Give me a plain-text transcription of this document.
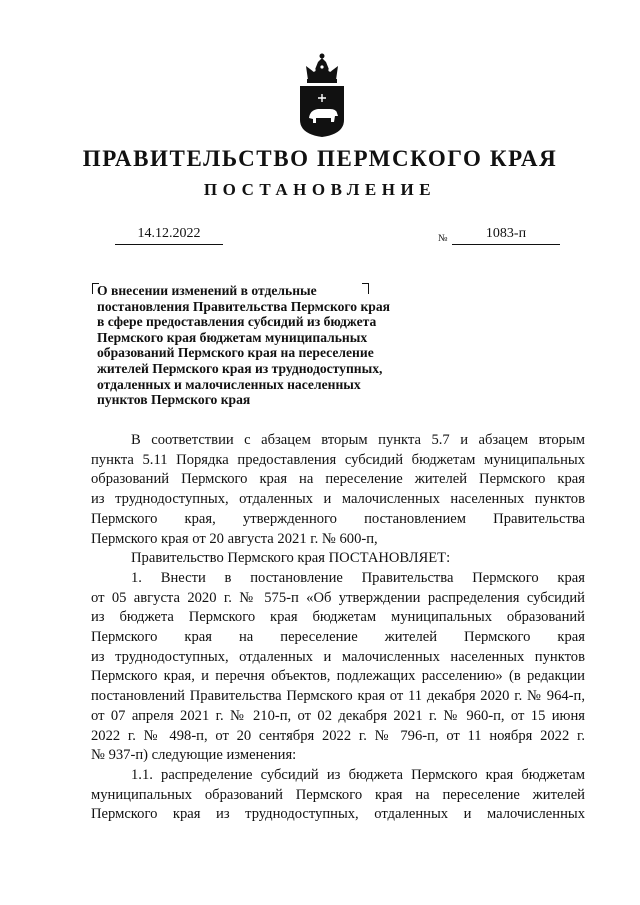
ПРАВИТЕЛЬСТВО ПЕРМСКОГО КРАЯ
ПОСТАНОВЛЕНИЕ
14.12.2022	№	1083-п
О внесении изменений в отдельные
постановления Правительства Пермского края
в сфере предоставления субсидий из бюджета
Пермского края бюджетам муниципальных
образований Пермского края на переселение
жителей Пермского края из труднодоступных,
отдаленных и малочисленных населенных
пунктов Пермского края
В соответствии с абзацем вторым пункта 5.7 и абзацем вторым
пункта 5.11 Порядка предоставления субсидий бюджетам муниципальных
образований Пермского края на переселение жителей Пермского края
из труднодоступных, отдаленных и малочисленных населенных пунктов
Пермского края, утвержденного постановлением Правительства
Пермского края от 20 августа 2021 г. № 600-п,
Правительство Пермского края ПОСТАНОВЛЯЕТ:
1. Внести в постановление Правительства Пермского края
от 05 августа 2020 г. № 575-п «Об утверждении распределения субсидий
из бюджета Пермского края бюджетам муниципальных образований
Пермского края на переселение жителей Пермского края
из труднодоступных, отдаленных и малочисленных населенных пунктов
Пермского края, и перечня объектов, подлежащих расселению» (в редакции
постановлений Правительства Пермского края от 11 декабря 2020 г. № 964-п,
от 07 апреля 2021 г. № 210-п, от 02 декабря 2021 г. № 960-п, от 15 июня
2022 г. № 498-п, от 20 сентября 2022 г. № 796-п, от 11 ноября 2022 г.
№ 937-п) следующие изменения:
1.1. распределение субсидий из бюджета Пермского края бюджетам
муниципальных образований Пермского края на переселение жителей
Пермского края из труднодоступных, отдаленных и малочисленных
